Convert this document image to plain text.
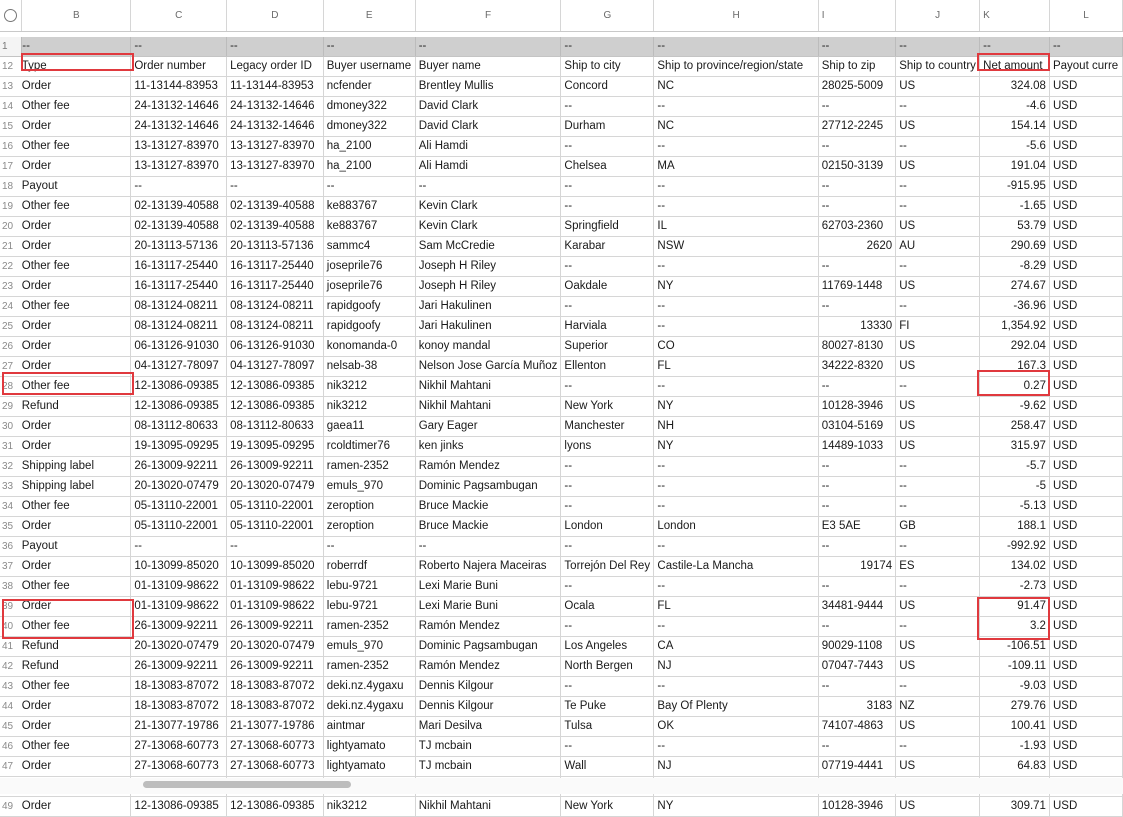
	B	C	D	E	F	G	H	I	J	K	L

1	--	--	--	--	--	--	--	--	--	--	--
12	Type	Order number	Legacy order ID	Buyer username	Buyer name	Ship to city	Ship to province/region/state	Ship to zip	Ship to country	Net amount	Payout curre
13	Order	11-13144-83953	11-13144-83953	ncfender	Brentley Mullis	Concord	NC	28025-5009	US	324.08	USD
14	Other fee	24-13132-14646	24-13132-14646	dmoney322	David Clark	--	--	--	--	-4.6	USD
15	Order	24-13132-14646	24-13132-14646	dmoney322	David Clark	Durham	NC	27712-2245	US	154.14	USD
16	Other fee	13-13127-83970	13-13127-83970	ha_2100	Ali Hamdi	--	--	--	--	-5.6	USD
17	Order	13-13127-83970	13-13127-83970	ha_2100	Ali Hamdi	Chelsea	MA	02150-3139	US	191.04	USD
18	Payout	--	--	--	--	--	--	--	--	-915.95	USD
19	Other fee	02-13139-40588	02-13139-40588	ke883767	Kevin Clark	--	--	--	--	-1.65	USD
20	Order	02-13139-40588	02-13139-40588	ke883767	Kevin Clark	Springfield	IL	62703-2360	US	53.79	USD
21	Order	20-13113-57136	20-13113-57136	sammc4	Sam McCredie	Karabar	NSW	2620	AU	290.69	USD
22	Other fee	16-13117-25440	16-13117-25440	joseprile76	Joseph H Riley	--	--	--	--	-8.29	USD
23	Order	16-13117-25440	16-13117-25440	joseprile76	Joseph H Riley	Oakdale	NY	11769-1448	US	274.67	USD
24	Other fee	08-13124-08211	08-13124-08211	rapidgoofy	Jari Hakulinen	--	--	--	--	-36.96	USD
25	Order	08-13124-08211	08-13124-08211	rapidgoofy	Jari Hakulinen	Harviala	--	13330	FI	1,354.92	USD
26	Order	06-13126-91030	06-13126-91030	konomanda-0	konoy mandal	Superior	CO	80027-8130	US	292.04	USD
27	Order	04-13127-78097	04-13127-78097	nelsab-38	Nelson Jose García Muñoz	Ellenton	FL	34222-8320	US	167.3	USD
28	Other fee	12-13086-09385	12-13086-09385	nik3212	Nikhil Mahtani	--	--	--	--	0.27	USD
29	Refund	12-13086-09385	12-13086-09385	nik3212	Nikhil Mahtani	New York	NY	10128-3946	US	-9.62	USD
30	Order	08-13112-80633	08-13112-80633	gaea11	Gary Eager	Manchester	NH	03104-5169	US	258.47	USD
31	Order	19-13095-09295	19-13095-09295	rcoldtimer76	ken jinks	lyons	NY	14489-1033	US	315.97	USD
32	Shipping label	26-13009-92211	26-13009-92211	ramen-2352	Ramón Mendez	--	--	--	--	-5.7	USD
33	Shipping label	20-13020-07479	20-13020-07479	emuls_970	Dominic Pagsambugan	--	--	--	--	-5	USD
34	Other fee	05-13110-22001	05-13110-22001	zeroption	Bruce Mackie	--	--	--	--	-5.13	USD
35	Order	05-13110-22001	05-13110-22001	zeroption	Bruce Mackie	London	London	E3 5AE	GB	188.1	USD
36	Payout	--	--	--	--	--	--	--	--	-992.92	USD
37	Order	10-13099-85020	10-13099-85020	roberrdf	Roberto Najera Maceiras	Torrejón Del Rey	Castile-La Mancha	19174	ES	134.02	USD
38	Other fee	01-13109-98622	01-13109-98622	lebu-9721	Lexi Marie Buni	--	--	--	--	-2.73	USD
39	Order	01-13109-98622	01-13109-98622	lebu-9721	Lexi Marie Buni	Ocala	FL	34481-9444	US	91.47	USD
40	Other fee	26-13009-92211	26-13009-92211	ramen-2352	Ramón Mendez	--	--	--	--	3.2	USD
41	Refund	20-13020-07479	20-13020-07479	emuls_970	Dominic Pagsambugan	Los Angeles	CA	90029-1108	US	-106.51	USD
42	Refund	26-13009-92211	26-13009-92211	ramen-2352	Ramón Mendez	North Bergen	NJ	07047-7443	US	-109.11	USD
43	Other fee	18-13083-87072	18-13083-87072	deki.nz.4ygaxu	Dennis Kilgour	--	--	--	--	-9.03	USD
44	Order	18-13083-87072	18-13083-87072	deki.nz.4ygaxu	Dennis Kilgour	Te Puke	Bay Of Plenty	3183	NZ	279.76	USD
45	Order	21-13077-19786	21-13077-19786	aintmar	Mari Desilva	Tulsa	OK	74107-4863	US	100.41	USD
46	Other fee	27-13068-60773	27-13068-60773	lightyamato	TJ mcbain	--	--	--	--	-1.93	USD
47	Order	27-13068-60773	27-13068-60773	lightyamato	TJ mcbain	Wall	NJ	07719-4441	US	64.83	USD

49	Order	12-13086-09385	12-13086-09385	nik3212	Nikhil Mahtani	New York	NY	10128-3946	US	309.71	USD
